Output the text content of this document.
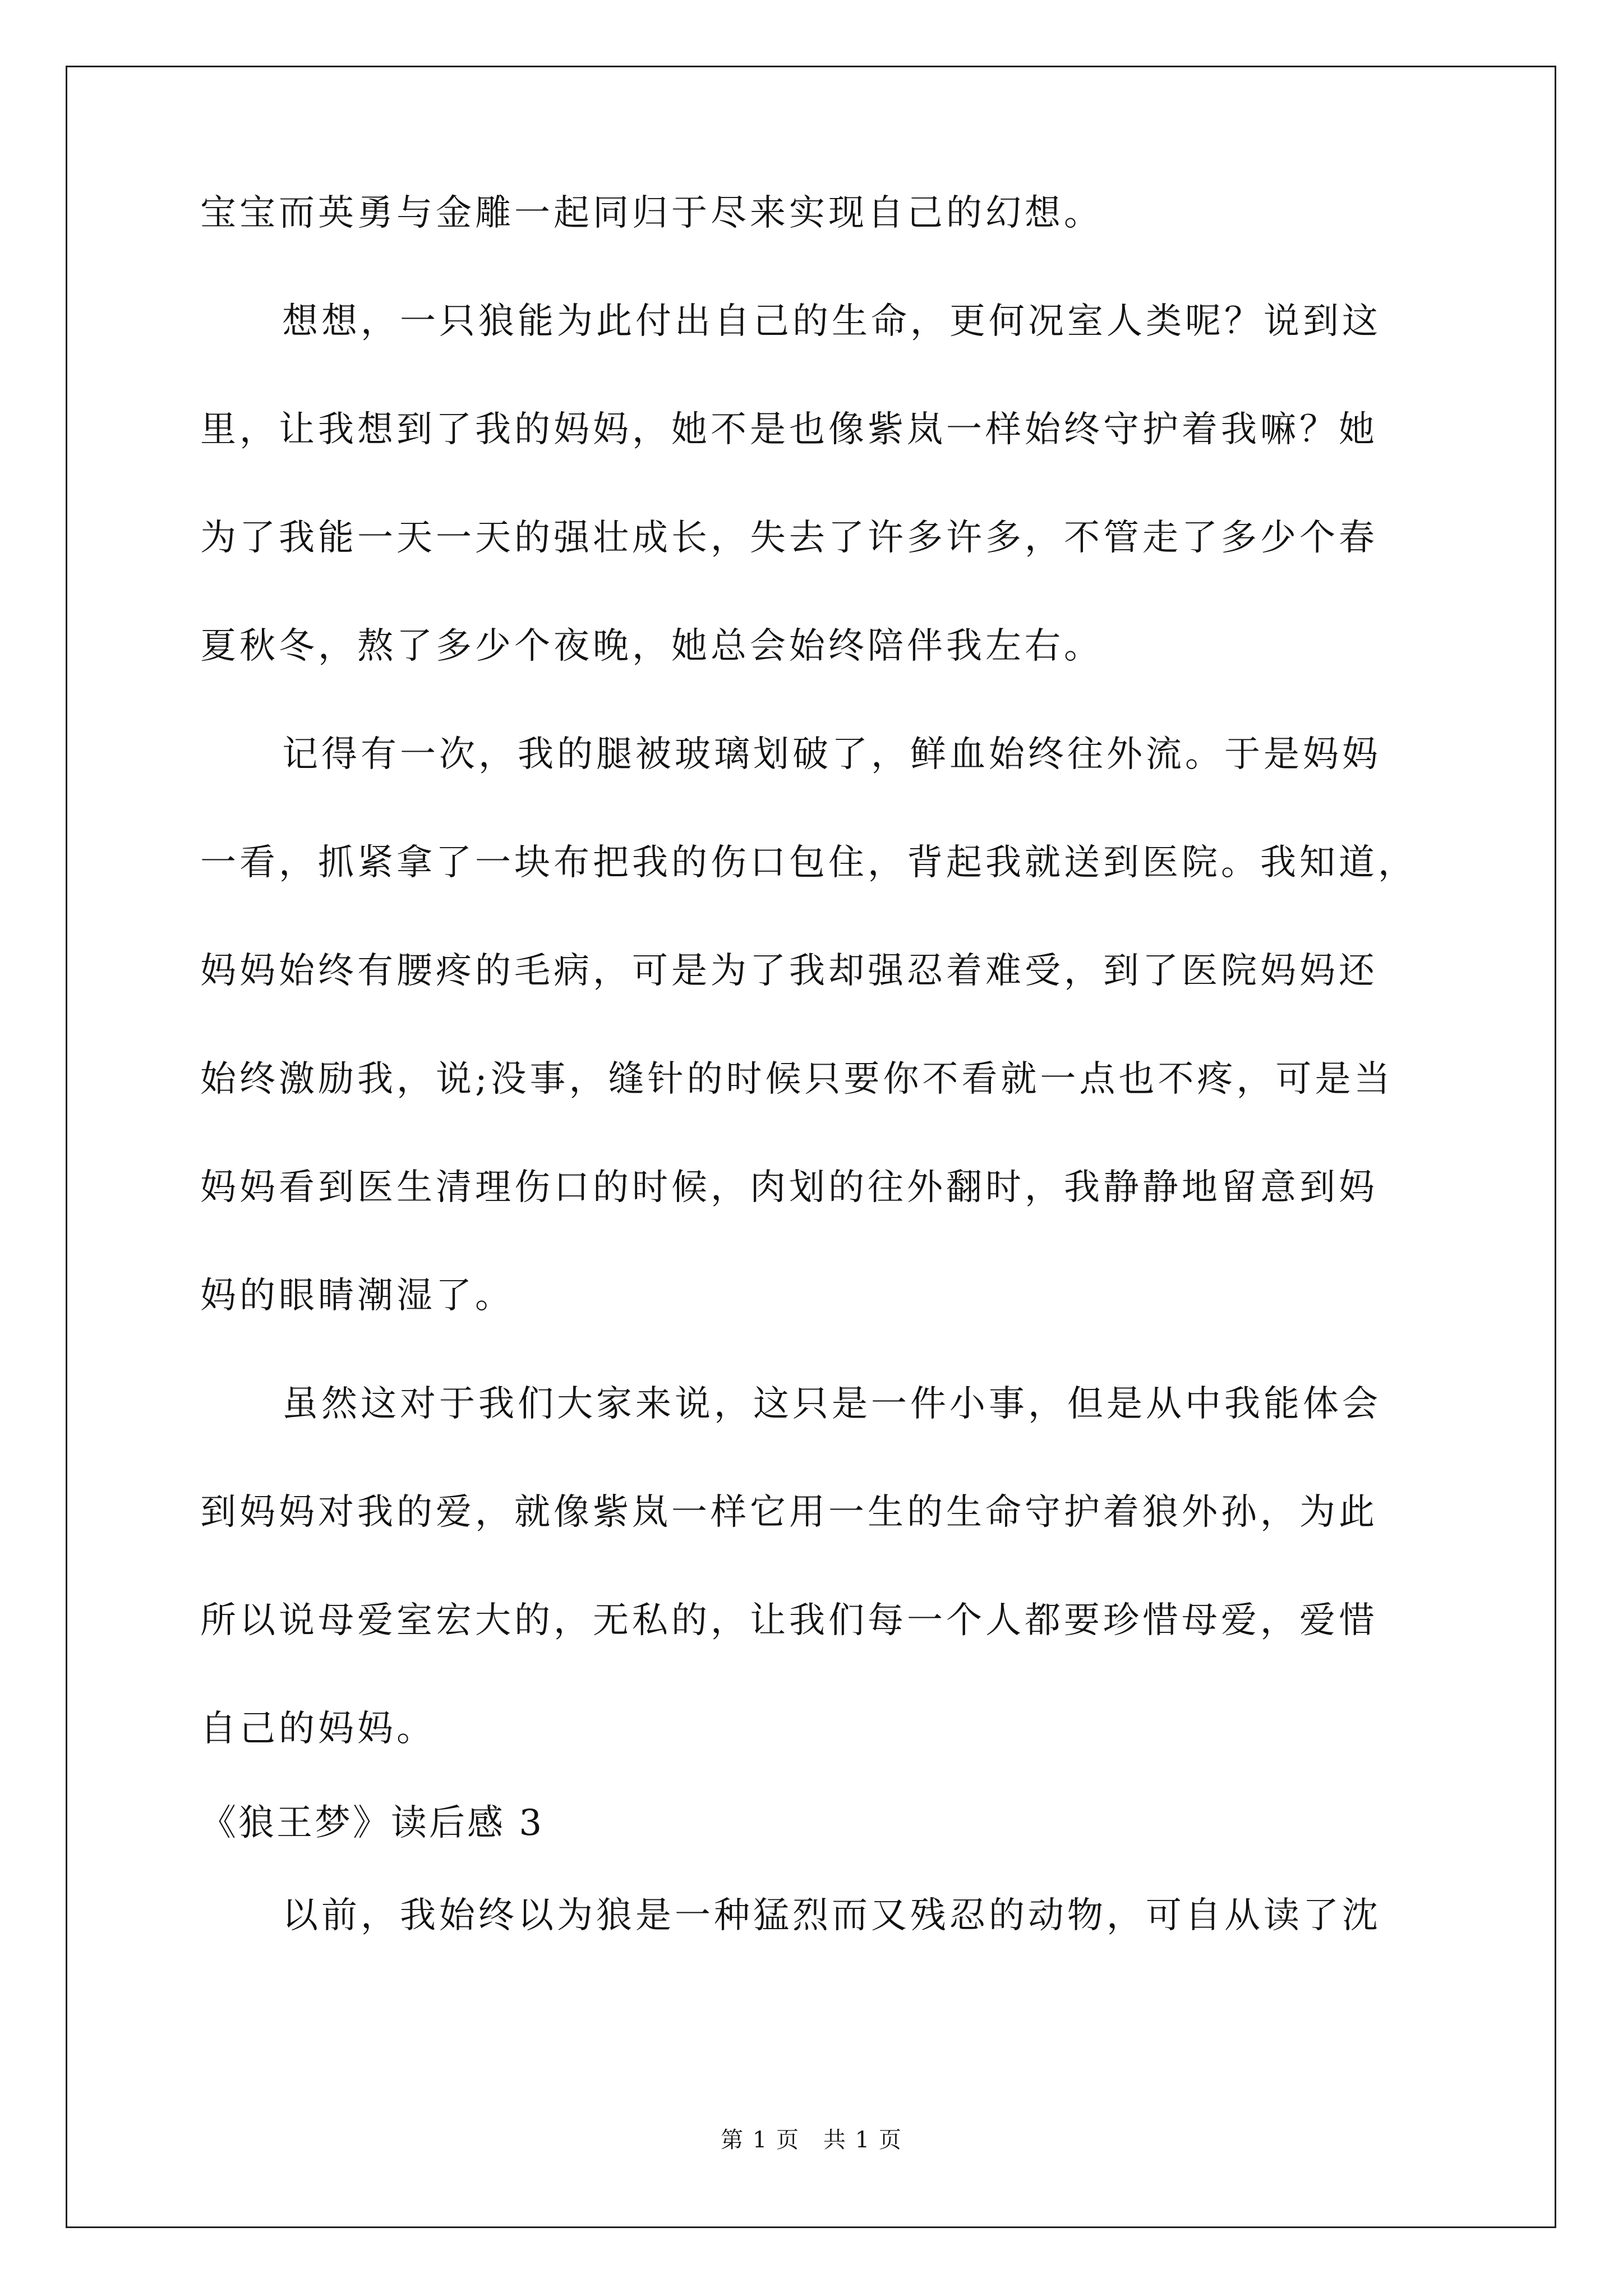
宝宝而英勇与金雕一起同归于尽来实现自己的幻想。
想想，一只狼能为此付出自己的生命，更何况室人类呢？说到这
里，让我想到了我的妈妈，她不是也像紫岚一样始终守护着我嘛？她
为了我能一天一天的强壮成长，失去了许多许多，不管走了多少个春
夏秋冬，熬了多少个夜晚，她总会始终陪伴我左右。
记得有一次，我的腿被玻璃划破了，鲜血始终往外流。于是妈妈
一看，抓紧拿了一块布把我的伤口包住，背起我就送到医院。我知道，
妈妈始终有腰疼的毛病，可是为了我却强忍着难受，到了医院妈妈还
始终激励我，说;没事，缝针的时候只要你不看就一点也不疼，可是当
妈妈看到医生清理伤口的时候，肉划的往外翻时，我静静地留意到妈
妈的眼睛潮湿了。
虽然这对于我们大家来说，这只是一件小事，但是从中我能体会
到妈妈对我的爱，就像紫岚一样它用一生的生命守护着狼外孙，为此
所以说母爱室宏大的，无私的，让我们每一个人都要珍惜母爱，爱惜
自己的妈妈。
《狼王梦》读后感 3
以前，我始终以为狼是一种猛烈而又残忍的动物，可自从读了沈
第 1 页　共 1 页
